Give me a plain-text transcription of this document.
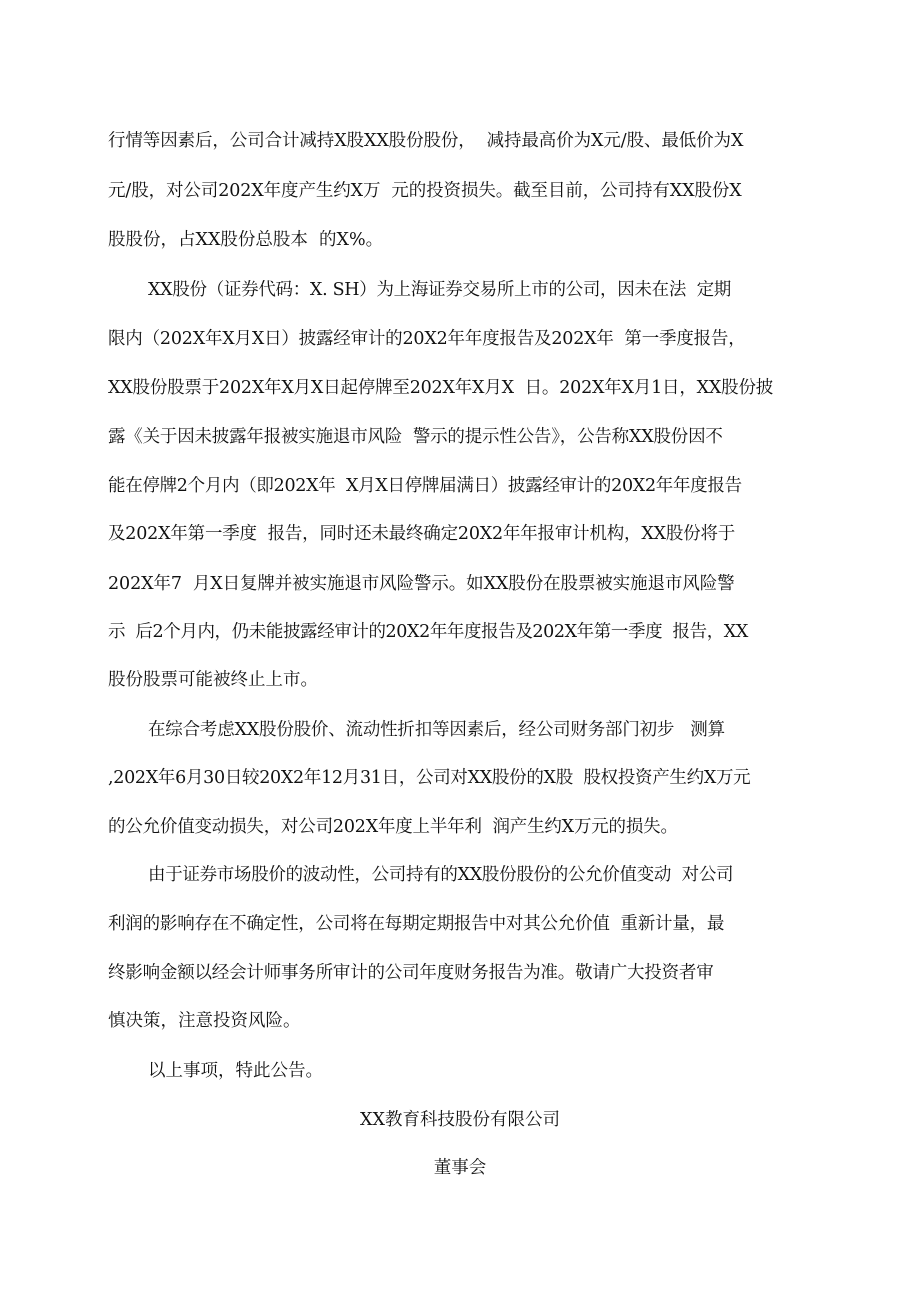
行情等因素后，公司合计减持X股XX股份股份，  减持最高价为X元/股、最低价为X
元/股，对公司202X年度产生约X万  元的投资损失。截至目前，公司持有XX股份X
股股份，占XX股份总股本  的X%。
XX股份（证券代码：X. SH）为上海证券交易所上市的公司，因未在法  定期
限内（202X年X月X日）披露经审计的20X2年年度报告及202X年  第一季度报告，
XX股份股票于202X年X月X日起停牌至202X年X月X  日。202X年X月1日，XX股份披
露《关于因未披露年报被实施退市风险  警示的提示性公告》，公告称XX股份因不
能在停牌2个月内（即202X年  X月X日停牌届满日）披露经审计的20X2年年度报告
及202X年第一季度  报告，同时还未最终确定20X2年年报审计机构，XX股份将于
202X年7  月X日复牌并被实施退市风险警示。如XX股份在股票被实施退市风险警
示  后2个月内，仍未能披露经审计的20X2年年度报告及202X年第一季度  报告，XX
股份股票可能被终止上市。
在综合考虑XX股份股价、流动性折扣等因素后，经公司财务部门初步   测算
,202X年6月30日较20X2年12月31日，公司对XX股份的X股  股权投资产生约X万元
的公允价值变动损失，对公司202X年度上半年利  润产生约X万元的损失。
由于证券市场股价的波动性，公司持有的XX股份股份的公允价值变动  对公司
利润的影响存在不确定性，公司将在每期定期报告中对其公允价值  重新计量，最
终影响金额以经会计师事务所审计的公司年度财务报告为准。敬请广大投资者审
慎决策，注意投资风险。
以上事项，特此公告。
XX教育科技股份有限公司
董事会
